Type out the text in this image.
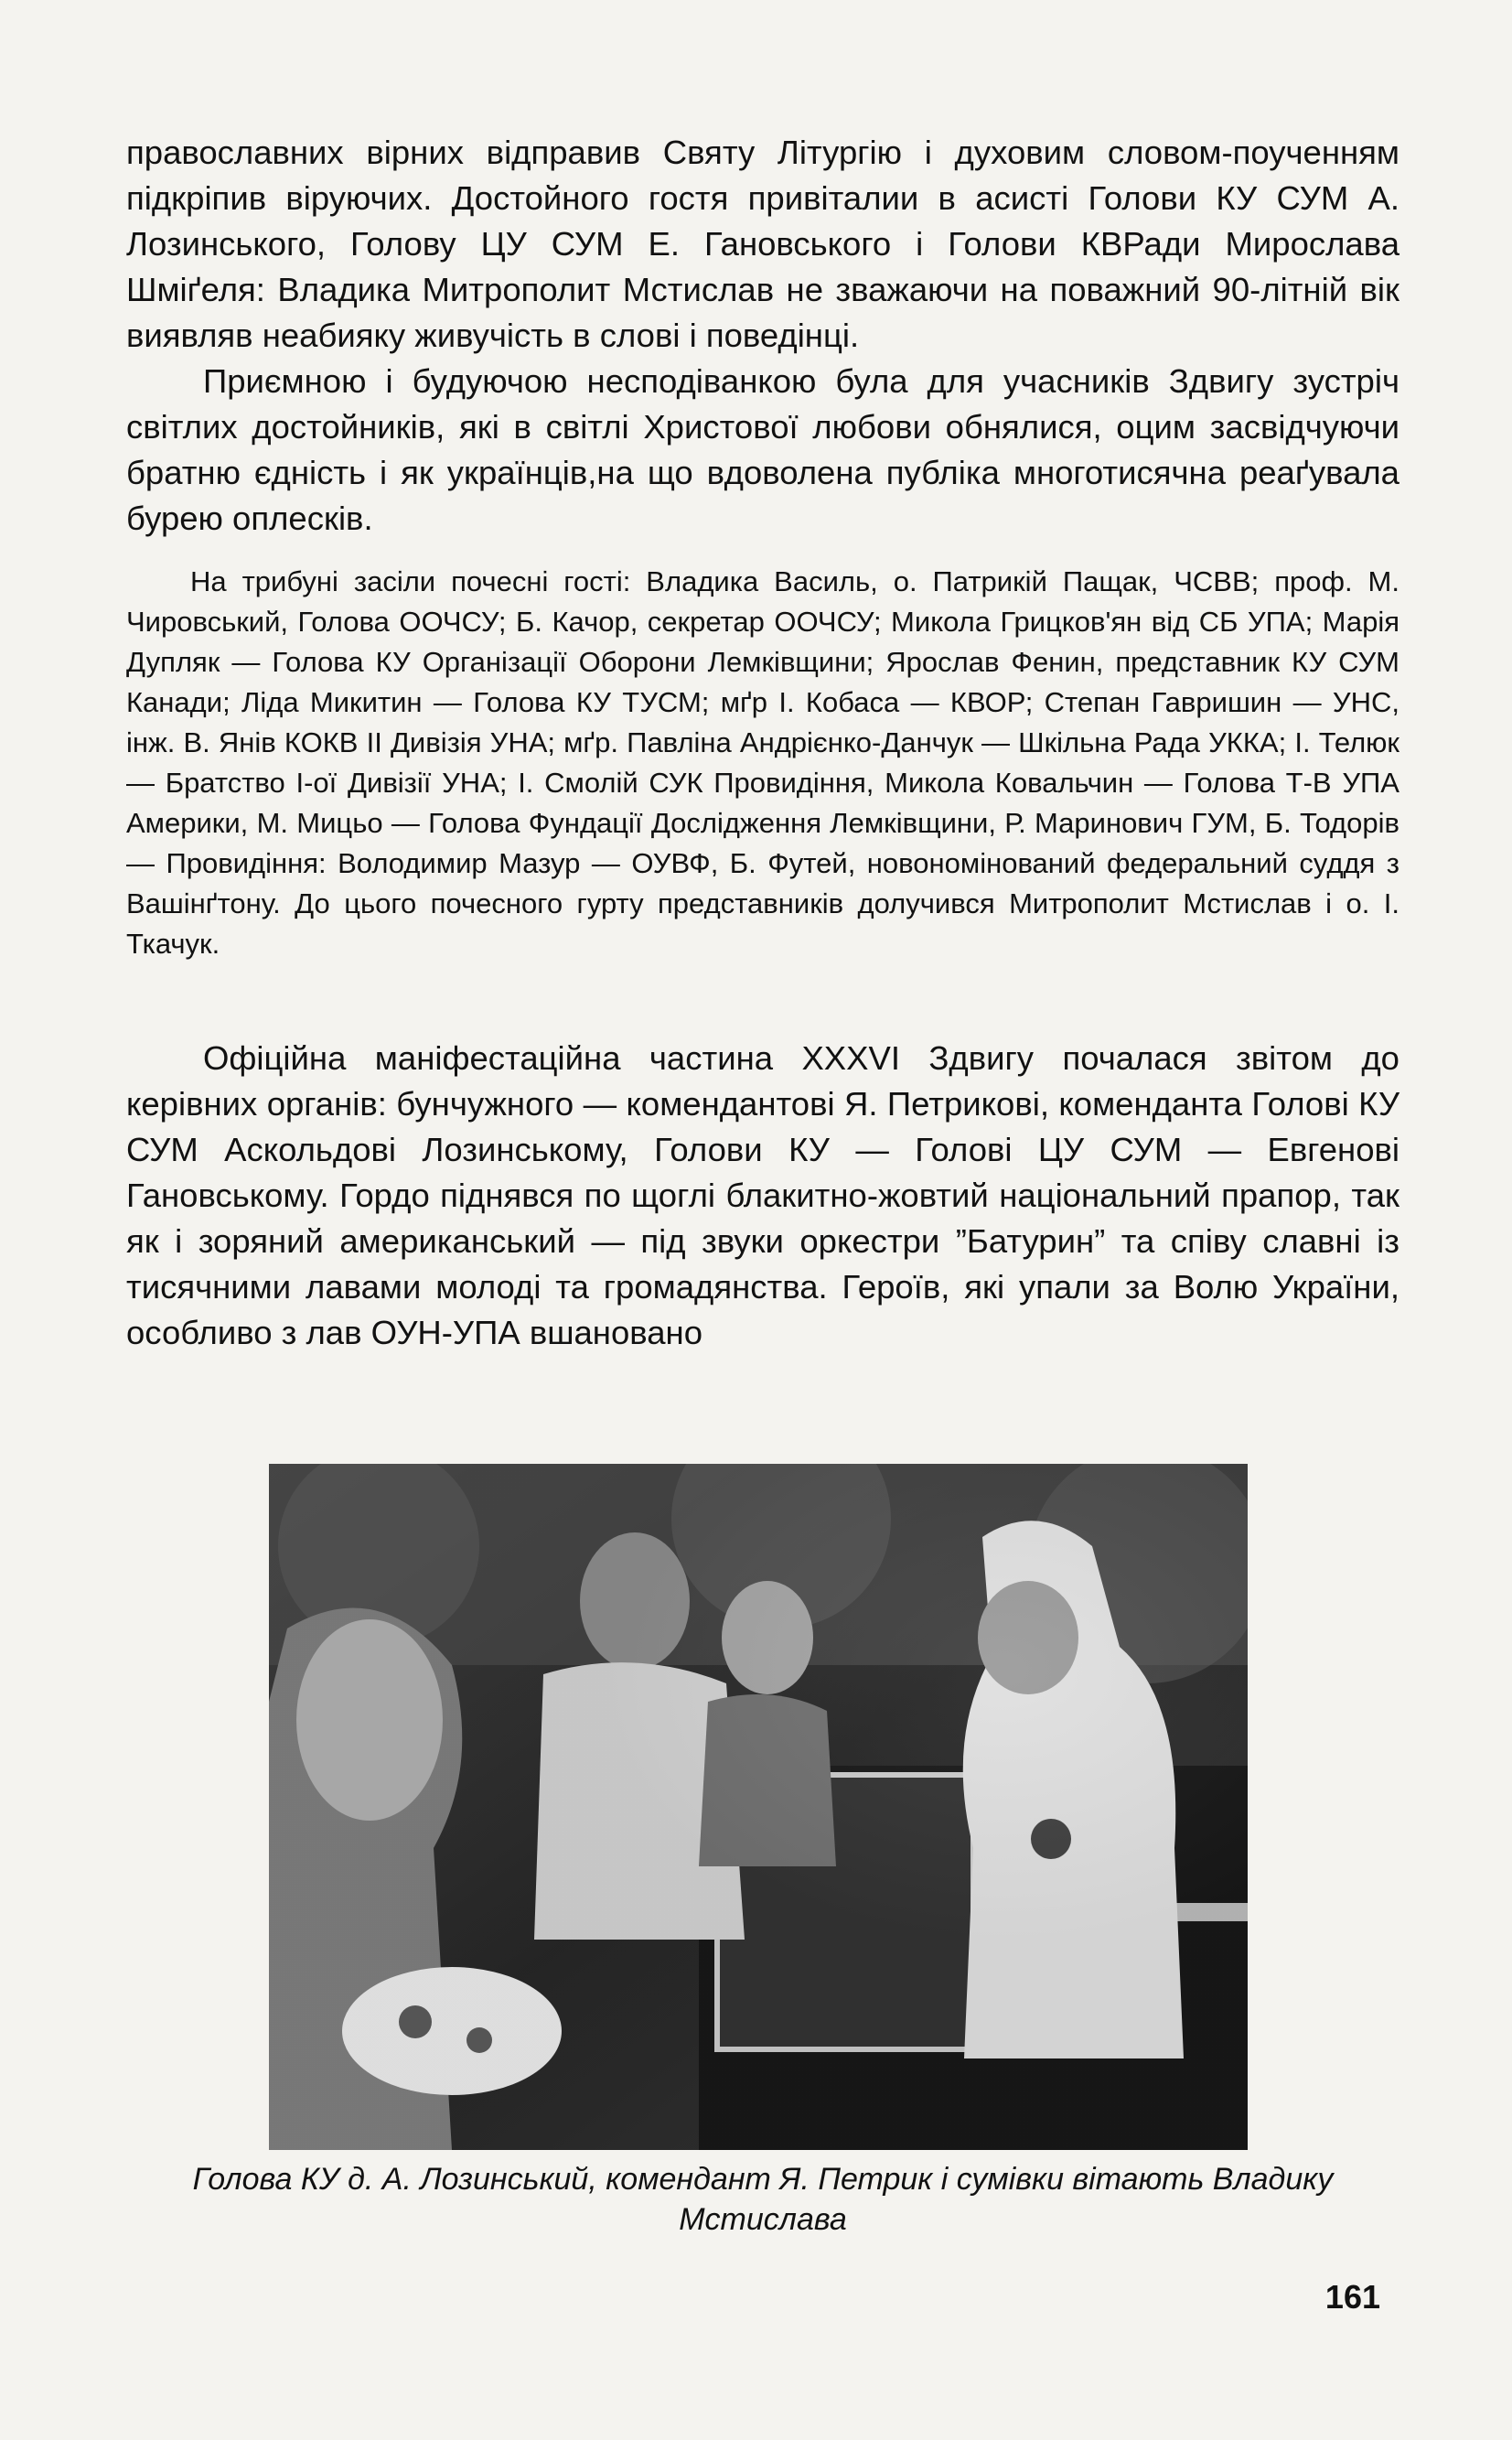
православних вірних відправив Святу Літургію і духовим словом-поученням підкріпив віруючих. Достойного гостя привіталии в асисті Голови КУ СУМ А. Лозинського, Голову ЦУ СУМ Е. Гановського і Голови КВРади Мирослава Шміґеля: Владика Митрополит Мстислав не зважаючи на поважний 90-літній вік виявляв неабияку живучість в слові і поведінці.

Приємною і будуючою несподіванкою була для учасників Здвигу зустріч світлих достойників, які в світлі Христової любови обнялися, оцим засвідчуючи братню єдність і як українців,на що вдоволена публіка многотисячна реаґувала бурею оплесків.

На трибуні засіли почесні гості: Владика Василь, о. Патрикій Пащак, ЧСВВ; проф. М. Чировський, Голова ООЧСУ; Б. Качор, секретар ООЧСУ; Микола Грицков'ян від СБ УПА; Марія Дупляк — Голова КУ Організації Оборони Лемківщини; Ярослав Фенин, представник КУ СУМ Канади; Ліда Микитин — Голова КУ ТУСМ; мґр І. Кобаса — КВОР; Степан Гавришин — УНС, інж. В. Янів КОКВ ІІ Дивізія УНА; мґр. Павліна Андрієнко-Данчук — Шкільна Рада УККА; І. Телюк — Братство І-ої Дивізії УНА; І. Смолій СУК Провидіння, Микола Ковальчин — Голова Т-В УПА Америки, М. Мицьо — Голова Фундації Дослідження Лемківщини, Р. Маринович ГУМ, Б. Тодорів — Провидіння: Володимир Мазур — ОУВФ, Б. Футей, новономінований федеральний суддя з Вашінґтону. До цього почесного гурту представників долучився Митрополит Мстислав і о. І. Ткачук.

Офіційна маніфестаційна частина XXXVI Здвигу почалася звітом до керівних органів: бунчужного — комендантові Я. Петрикові, коменданта Голові КУ СУМ Аскольдові Лозинському, Голови КУ — Голові ЦУ СУМ — Евгенові Гановському. Гордо піднявся по щоглі блакитно-жовтий національний прапор, так як і зоряний американський — під звуки оркестри ”Батурин” та співу славні із тисячними лавами молоді та громадянства. Героїв, які упали за Волю України, особливо з лав ОУН-УПА вшановано

Голова КУ д. А. Лозинський, комендант Я. Петрик і сумівки вітають Владику Мстислава
161
